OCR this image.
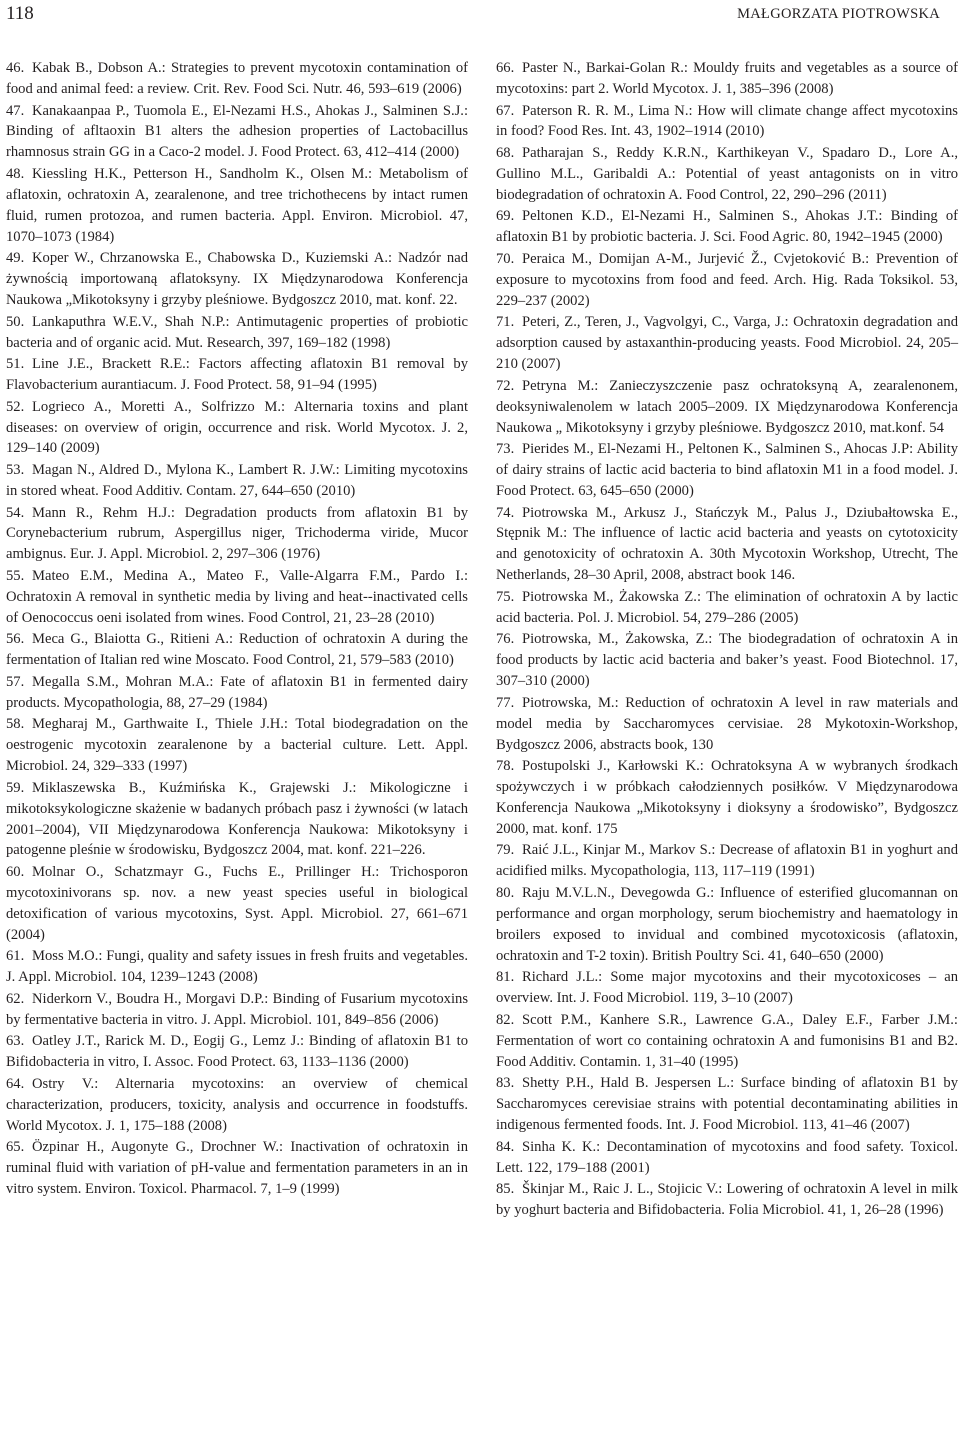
118	MAŁGORZATA PIOTROWSKA
46. Kabak B., Dobson A.: Strategies to prevent mycotoxin contamination of food and animal feed: a review. Crit. Rev. Food Sci. Nutr. 46, 593–619 (2006)
47. Kanakaanpaa P., Tuomola E., El-Nezami H.S., Ahokas J., Salminen S.J.: Binding of afltaoxin B1 alters the adhesion properties of Lactobacillus rhamnosus strain GG in a Caco-2 model. J. Food Protect. 63, 412–414 (2000)
48. Kiessling H.K., Petterson H., Sandholm K., Olsen M.: Metabolism of aflatoxin, ochratoxin A, zearalenone, and tree trichothecens by intact rumen fluid, rumen protozoa, and rumen bacteria. Appl. Environ. Microbiol. 47, 1070–1073 (1984)
49. Koper W., Chrzanowska E., Chabowska D., Kuziemski A.: Nadzór nad żywnością importowaną aflatoksyny. IX Międzynarodowa Konferencja Naukowa „Mikotoksyny i grzyby pleśniowe. Bydgoszcz 2010, mat. konf. 22.
50. Lankaputhra W.E.V., Shah N.P.: Antimutagenic properties of probiotic bacteria and of organic acid. Mut. Research, 397, 169–182 (1998)
51. Line J.E., Brackett R.E.: Factors affecting aflatoxin B1 removal by Flavobacterium aurantiacum. J. Food Protect. 58, 91–94 (1995)
52. Logrieco A., Moretti A., Solfrizzo M.: Alternaria toxins and plant diseases: on overview of origin, occurrence and risk. World Mycotox. J. 2, 129–140 (2009)
53. Magan N., Aldred D., Mylona K., Lambert R. J.W.: Limiting mycotoxins in stored wheat. Food Additiv. Contam. 27, 644–650 (2010)
54. Mann R., Rehm H.J.: Degradation products from aflatoxin B1 by Corynebacterium rubrum, Aspergillus niger, Trichoderma viride, Mucor ambignus. Eur. J. Appl. Microbiol. 2, 297–306 (1976)
55. Mateo E.M., Medina A., Mateo F., Valle-Algarra F.M., Pardo I.: Ochratoxin A removal in synthetic media by living and heat--inactivated cells of Oenococcus oeni isolated from wines. Food Control, 21, 23–28 (2010)
56. Meca G., Blaiotta G., Ritieni A.: Reduction of ochratoxin A during the fermentation of Italian red wine Moscato. Food Control, 21, 579–583 (2010)
57. Megalla S.M., Mohran M.A.: Fate of aflatoxin B1 in fermented dairy products. Mycopathologia, 88, 27–29 (1984)
58. Megharaj M., Garthwaite I., Thiele J.H.: Total biodegradation on the oestrogenic mycotoxin zearalenone by a bacterial culture. Lett. Appl. Microbiol. 24, 329–333 (1997)
59. Miklaszewska B., Kuźmińska K., Grajewski J.: Mikologiczne i mikotoksykologiczne skażenie w badanych próbach pasz i żywności (w latach 2001–2004), VII Międzynarodowa Konferencja Naukowa: Mikotoksyny i patogenne pleśnie w środowisku, Bydgoszcz 2004, mat. konf. 221–226.
60. Molnar O., Schatzmayr G., Fuchs E., Prillinger H.: Trichosporon mycotoxinivorans sp. nov. a new yeast species useful in biological detoxification of various mycotoxins, Syst. Appl. Microbiol. 27, 661–671 (2004)
61. Moss M.O.: Fungi, quality and safety issues in fresh fruits and vegetables. J. Appl. Microbiol. 104, 1239–1243 (2008)
62. Niderkorn V., Boudra H., Morgavi D.P.: Binding of Fusarium mycotoxins by fermentative bacteria in vitro. J. Appl. Microbiol. 101, 849–856 (2006)
63. Oatley J.T., Rarick M. D., Eogij G., Lemz J.: Binding of aflatoxin B1 to Bifidobacteria in vitro, I. Assoc. Food Protect. 63, 1133–1136 (2000)
64. Ostry V.: Alternaria mycotoxins: an overview of chemical characterization, producers, toxicity, analysis and occurrence in foodstuffs. World Mycotox. J. 1, 175–188 (2008)
65. Özpinar H., Augonyte G., Drochner W.: Inactivation of ochratoxin in ruminal fluid with variation of pH-value and fermentation parameters in an in vitro system. Environ. Toxicol. Pharmacol. 7, 1–9 (1999)
66. Paster N., Barkai-Golan R.: Mouldy fruits and vegetables as a source of mycotoxins: part 2. World Mycotox. J. 1, 385–396 (2008)
67. Paterson R. R. M., Lima N.: How will climate change affect mycotoxins in food? Food Res. Int. 43, 1902–1914 (2010)
68. Patharajan S., Reddy K.R.N., Karthikeyan V., Spadaro D., Lore A., Gullino M.L., Garibaldi A.: Potential of yeast antagonists on in vitro biodegradation of ochratoxin A. Food Control, 22, 290–296 (2011)
69. Peltonen K.D., El-Nezami H., Salminen S., Ahokas J.T.: Binding of aflatoxin B1 by probiotic bacteria. J. Sci. Food Agric. 80, 1942–1945 (2000)
70. Peraica M., Domijan A-M., Jurjević Ž., Cvjetoković B.: Prevention of exposure to mycotoxins from food and feed. Arch. Hig. Rada Toksikol. 53, 229–237 (2002)
71. Peteri, Z., Teren, J., Vagvolgyi, C., Varga, J.: Ochratoxin degradation and adsorption caused by astaxanthin-producing yeasts. Food Microbiol. 24, 205–210 (2007)
72. Petryna M.: Zanieczyszczenie pasz ochratoksyną A, zearalenonem, deoksyniwalenolem w latach 2005–2009. IX Międzynarodowa Konferencja Naukowa „ Mikotoksyny i grzyby pleśniowe. Bydgoszcz 2010, mat.konf. 54
73. Pierides M., El-Nezami H., Peltonen K., Salminen S., Ahocas J.P: Ability of dairy strains of lactic acid bacteria to bind aflatoxin M1 in a food model. J. Food Protect. 63, 645–650 (2000)
74. Piotrowska M., Arkusz J., Stańczyk M., Palus J., Dziubałtowska E., Stępnik M.: The influence of lactic acid bacteria and yeasts on cytotoxicity and genotoxicity of ochratoxin A. 30th Mycotoxin Workshop, Utrecht, The Netherlands, 28–30 April, 2008, abstract book 146.
75. Piotrowska M., Żakowska Z.: The elimination of ochratoxin A by lactic acid bacteria. Pol. J. Microbiol. 54, 279–286 (2005)
76. Piotrowska, M., Żakowska, Z.: The biodegradation of ochratoxin A in food products by lactic acid bacteria and baker’s yeast. Food Biotechnol. 17, 307–310 (2000)
77. Piotrowska, M.: Reduction of ochratoxin A level in raw materials and model media by Saccharomyces cervisiae. 28 Mykotoxin-Workshop, Bydgoszcz 2006, abstracts book, 130
78. Postupolski J., Karłowski K.: Ochratoksyna A w wybranych środkach spożywczych i w próbkach całodziennych posiłków. V Międzynarodowa Konferencja Naukowa „Mikotoksyny i dioksyny a środowisko”, Bydgoszcz 2000, mat. konf. 175
79. Raić J.L., Kinjar M., Markov S.: Decrease of aflatoxin B1 in yoghurt and acidified milks. Mycopathologia, 113, 117–119 (1991)
80. Raju M.V.L.N., Devegowda G.: Influence of esterified glucomannan on performance and organ morphology, serum biochemistry and haematology in broilers exposed to invidual and combined mycotoxicosis (aflatoxin, ochratoxin and T-2 toxin). British Poultry Sci. 41, 640–650 (2000)
81. Richard J.L.: Some major mycotoxins and their mycotoxicoses – an overview. Int. J. Food Microbiol. 119, 3–10 (2007)
82. Scott P.M., Kanhere S.R., Lawrence G.A., Daley E.F., Farber J.M.: Fermentation of wort co containing ochratoxin A and fumonisins B1 and B2. Food Additiv. Contamin. 1, 31–40 (1995)
83. Shetty P.H., Hald B. Jespersen L.: Surface binding of aflatoxin B1 by Saccharomyces cerevisiae strains with potential decontaminating abilities in indigenous fermented foods. Int. J. Food Microbiol. 113, 41–46 (2007)
84. Sinha K. K.: Decontamination of mycotoxins and food safety. Toxicol. Lett. 122, 179–188 (2001)
85. Škinjar M., Raic J. L., Stojicic V.: Lowering of ochratoxin A level in milk by yoghurt bacteria and Bifidobacteria. Folia Microbiol. 41, 1, 26–28 (1996)
